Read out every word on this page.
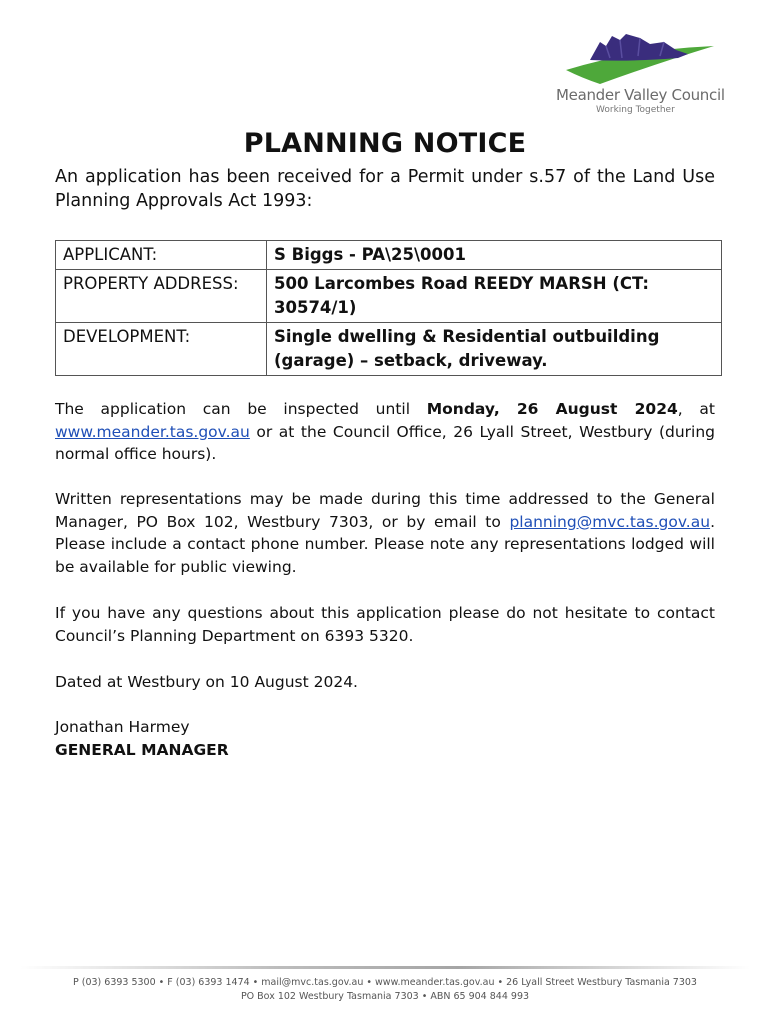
Meander Valley Council
Working Together
PLANNING NOTICE
An application has been received for a Permit under s.57 of the Land Use Planning Approvals Act 1993:
APPLICANT:	S Biggs - PA\25\0001
PROPERTY ADDRESS:	500 Larcombes Road REEDY MARSH (CT: 30574/1)
DEVELOPMENT:	Single dwelling & Residential outbuilding (garage) – setback, driveway.
The application can be inspected until Monday, 26 August 2024, at www.meander.tas.gov.au or at the Council Office, 26 Lyall Street, Westbury (during normal office hours).
Written representations may be made during this time addressed to the General Manager, PO Box 102, Westbury 7303, or by email to planning@mvc.tas.gov.au. Please include a contact phone number. Please note any representations lodged will be available for public viewing.
If you have any questions about this application please do not hesitate to contact Council’s Planning Department on 6393 5320.
Dated at Westbury on 10 August 2024.
Jonathan Harmey
GENERAL MANAGER
P (03) 6393 5300 • F (03) 6393 1474 • mail@mvc.tas.gov.au • www.meander.tas.gov.au • 26 Lyall Street Westbury Tasmania 7303
PO Box 102 Westbury Tasmania 7303 • ABN 65 904 844 993
